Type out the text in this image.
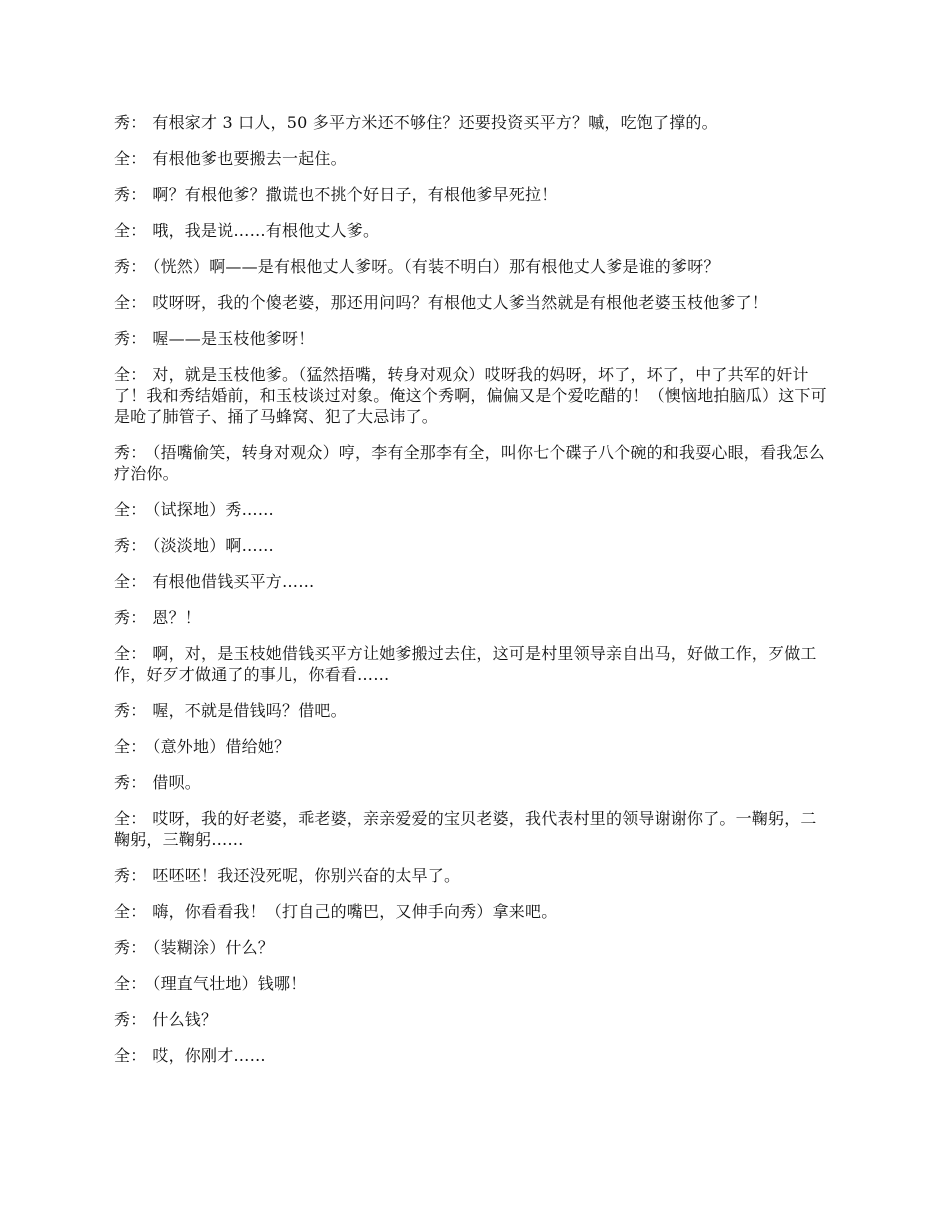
秀： 有根家才 3 口人，50 多平方米还不够住？还要投资买平方？嘁，吃饱了撑的。

全： 有根他爹也要搬去一起住。

秀： 啊？有根他爹？撒谎也不挑个好日子，有根他爹早死拉！

全： 哦，我是说……有根他丈人爹。

秀： （恍然）啊——是有根他丈人爹呀。（有装不明白）那有根他丈人爹是谁的爹呀？

全： 哎呀呀，我的个傻老婆，那还用问吗？有根他丈人爹当然就是有根他老婆玉枝他爹了！

秀： 喔——是玉枝他爹呀！

全： 对，就是玉枝他爹。（猛然捂嘴，转身对观众）哎呀我的妈呀，坏了，坏了，中了共军的奸计了！我和秀结婚前，和玉枝谈过对象。俺这个秀啊，偏偏又是个爱吃醋的！（懊恼地拍脑瓜）这下可是呛了肺管子、捅了马蜂窝、犯了大忌讳了。

秀： （捂嘴偷笑，转身对观众）哼，李有全那李有全，叫你七个碟子八个碗的和我耍心眼，看我怎么疗治你。

全： （试探地）秀……

秀： （淡淡地）啊……

全： 有根他借钱买平方……

秀： 恩？！

全： 啊，对，是玉枝她借钱买平方让她爹搬过去住，这可是村里领导亲自出马，好做工作，歹做工作，好歹才做通了的事儿，你看看……

秀： 喔，不就是借钱吗？借吧。

全： （意外地）借给她？

秀： 借呗。

全： 哎呀，我的好老婆，乖老婆，亲亲爱爱的宝贝老婆，我代表村里的领导谢谢你了。一鞠躬，二鞠躬，三鞠躬……

秀： 呸呸呸！我还没死呢，你别兴奋的太早了。

全： 嗨，你看看我！（打自己的嘴巴，又伸手向秀）拿来吧。

秀： （装糊涂）什么？

全： （理直气壮地）钱哪！

秀： 什么钱？

全： 哎，你刚才……
